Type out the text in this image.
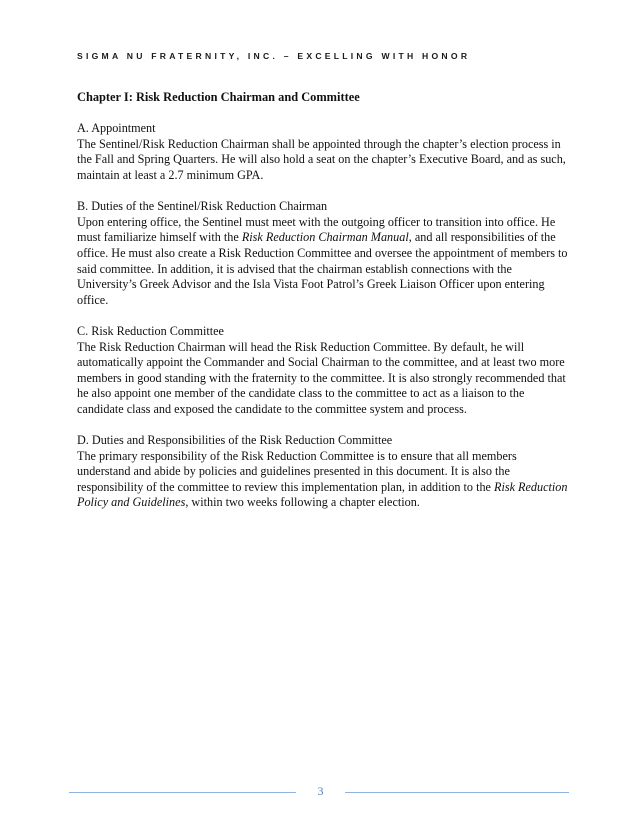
SIGMA NU FRATERNITY, INC. – EXCELLING WITH HONOR

Chapter I: Risk Reduction Chairman and Committee

A. Appointment

The Sentinel/Risk Reduction Chairman shall be appointed through the chapter’s election process in the Fall and Spring Quarters. He will also hold a seat on the chapter’s Executive Board, and as such, maintain at least a 2.7 minimum GPA.

B. Duties of the Sentinel/Risk Reduction Chairman

Upon entering office, the Sentinel must meet with the outgoing officer to transition into office. He must familiarize himself with the Risk Reduction Chairman Manual, and all responsibilities of the office. He must also create a Risk Reduction Committee and oversee the appointment of members to said committee. In addition, it is advised that the chairman establish connections with the University’s Greek Advisor and the Isla Vista Foot Patrol’s Greek Liaison Officer upon entering office.

C. Risk Reduction Committee

The Risk Reduction Chairman will head the Risk Reduction Committee. By default, he will automatically appoint the Commander and Social Chairman to the committee, and at least two more members in good standing with the fraternity to the committee. It is also strongly recommended that he also appoint one member of the candidate class to the committee to act as a liaison to the candidate class and exposed the candidate to the committee system and process.

D. Duties and Responsibilities of the Risk Reduction Committee

The primary responsibility of the Risk Reduction Committee is to ensure that all members understand and abide by policies and guidelines presented in this document. It is also the responsibility of the committee to review this implementation plan, in addition to the Risk Reduction Policy and Guidelines, within two weeks following a chapter election.

3
